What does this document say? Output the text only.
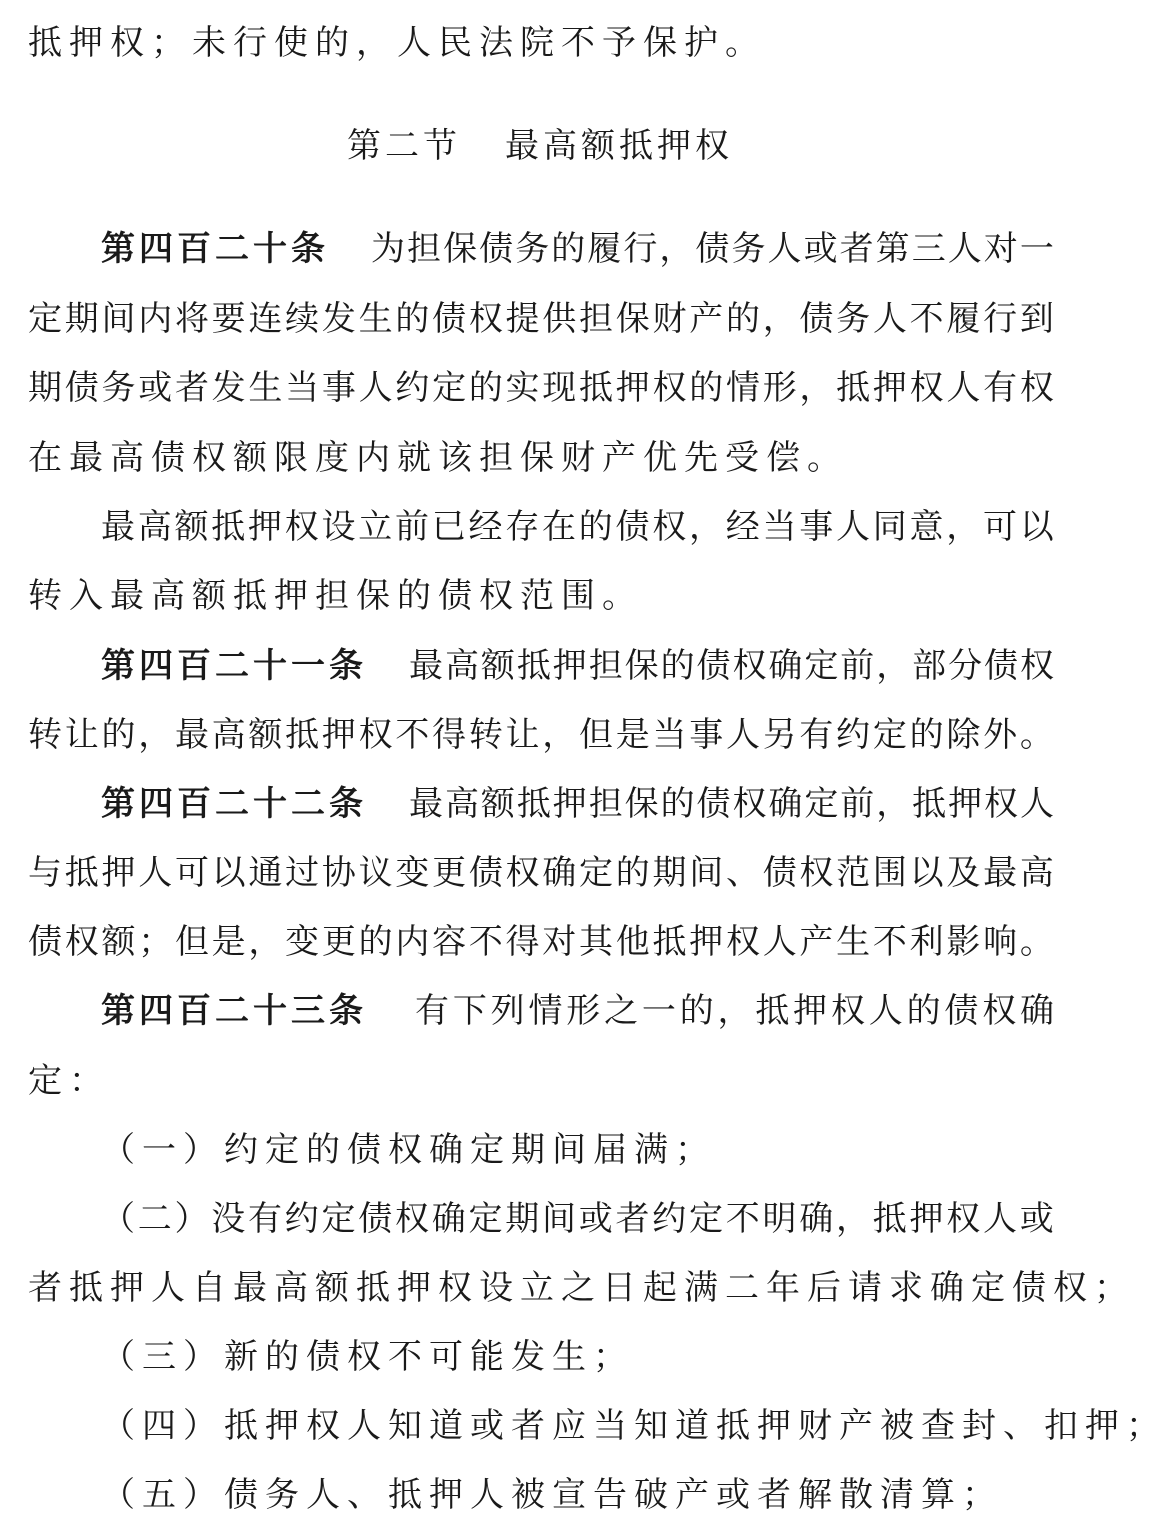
抵押权；未行使的，人民法院不予保护。
第二节 最高额抵押权
第四百二十条 为 担 保 债 务 的 履 行 ， 债 务 人 或 者 第 三 人 对 一
定 期 间 内 将 要 连 续 发 生 的 债 权 提 供 担 保 财 产 的 ， 债 务 人 不 履 行 到
期 债 务 或 者 发 生 当 事 人 约 定 的 实 现 抵 押 权 的 情 形 ， 抵 押 权 人 有 权
在最高债权额限度内就该担保财产优先受偿。
最 高 额 抵 押 权 设 立 前 已 经 存 在 的 债 权 ， 经 当 事 人 同 意 ， 可 以
转入最高额抵押担保的债权范围。
第四百二十一条 最 高 额 抵 押 担 保 的 债 权 确 定 前 ， 部 分 债 权
转 让 的 ， 最 高 额 抵 押 权 不 得 转 让 ， 但 是 当 事 人 另 有 约 定 的 除 外 。
第四百二十二条 最 高 额 抵 押 担 保 的 债 权 确 定 前 ， 抵 押 权 人
与 抵 押 人 可 以 通 过 协 议 变 更 债 权 确 定 的 期 间 、 债 权 范 围 以 及 最 高
债 权 额 ； 但 是 ， 变 更 的 内 容 不 得 对 其 他 抵 押 权 人 产 生 不 利 影 响 。
第四百二十三条 有 下 列 情 形 之 一 的 ， 抵 押 权 人 的 债 权 确
定：
（一）约定的债权确定期间届满；
（ 二 ） 没 有 约 定 债 权 确 定 期 间 或 者 约 定 不 明 确 ， 抵 押 权 人 或
者抵押人自最高额抵押权设立之日起满二年后请求确定债权；
（三）新的债权不可能发生；
（四）抵押权人知道或者应当知道抵押财产被查封、扣押；
（五）债务人、抵押人被宣告破产或者解散清算；
